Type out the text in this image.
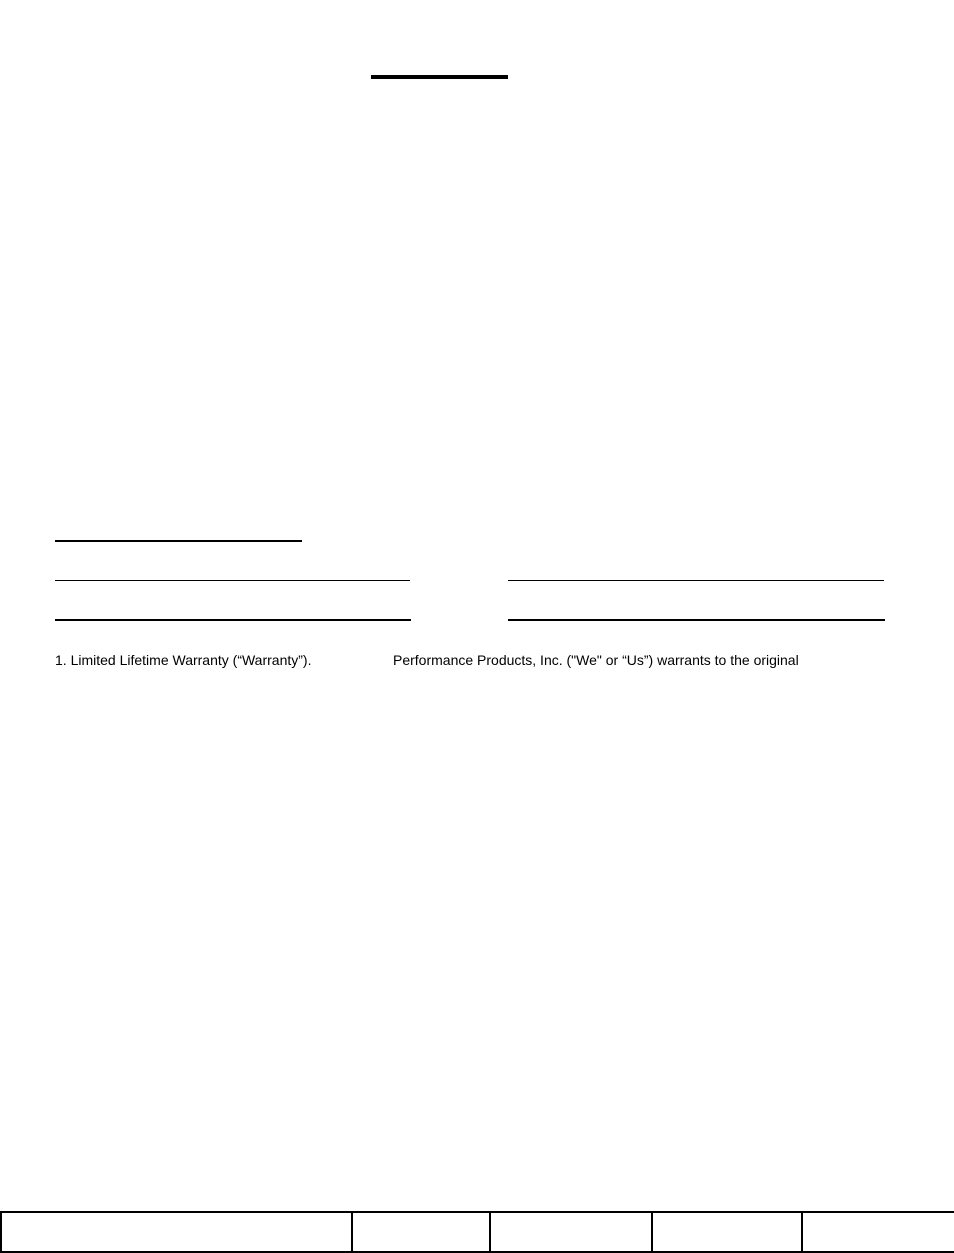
1. Limited Lifetime Warranty (“Warranty”).	Performance Products, Inc. ("We" or “Us”) warrants to the original
